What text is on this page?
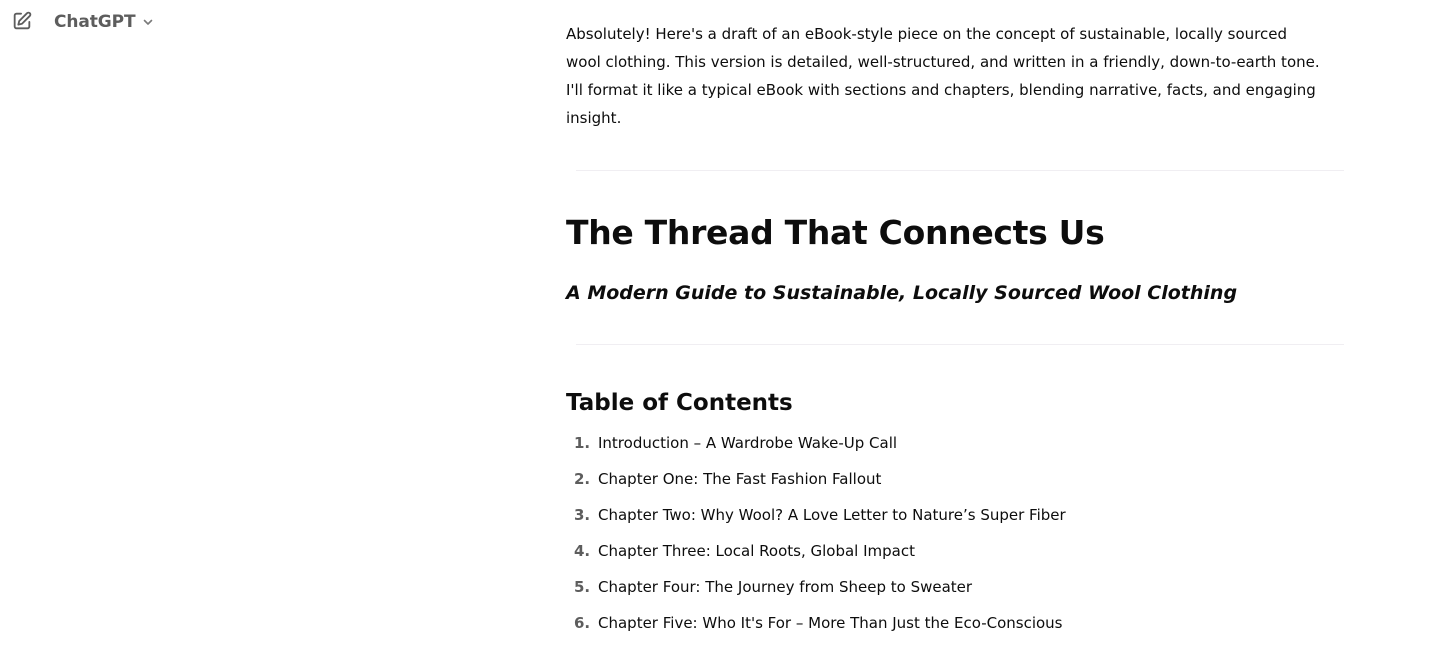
ChatGPT

Absolutely! Here's a draft of an eBook-style piece on the concept of sustainable, locally sourced wool clothing. This version is detailed, well-structured, and written in a friendly, down-to-earth tone. I'll format it like a typical eBook with sections and chapters, blending narrative, facts, and engaging insight.

The Thread That Connects Us
A Modern Guide to Sustainable, Locally Sourced Wool Clothing
Table of Contents
1. Introduction – A Wardrobe Wake-Up Call
2. Chapter One: The Fast Fashion Fallout
3. Chapter Two: Why Wool? A Love Letter to Nature’s Super Fiber
4. Chapter Three: Local Roots, Global Impact
5. Chapter Four: The Journey from Sheep to Sweater
6. Chapter Five: Who It's For – More Than Just the Eco-Conscious
